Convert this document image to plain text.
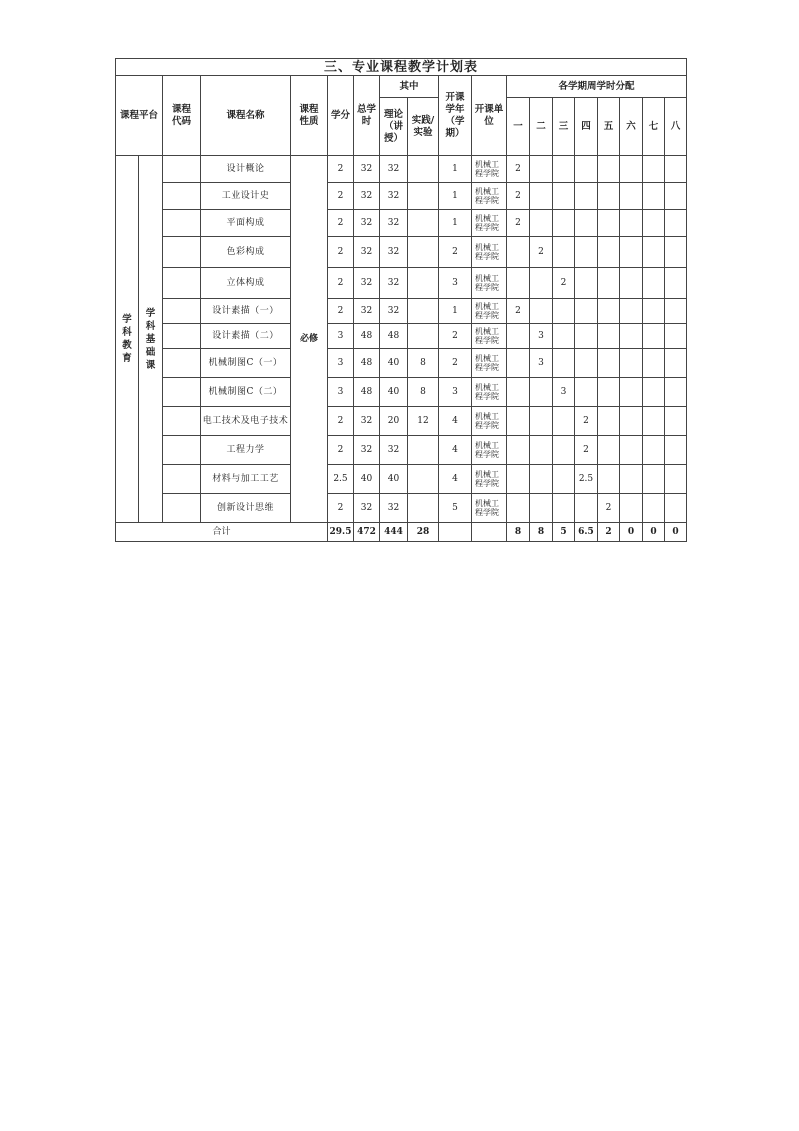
三、专业课程教学计划表																		
课程平台		课程代码	课程名称	课程性质	学分	总学时	其中		开课学年（学期）	开课单位	各学期周学时分配							

							理论（讲授）	实践/实验			一	二	三	四	五	六	七	八

学科教育	学科基础课		设计概论	必修	2	32	32		1	机械工程学院	2							
			工业设计史		2	32	32		1	机械工程学院	2							
			平面构成		2	32	32		1	机械工程学院	2							
			色彩构成		2	32	32		2	机械工程学院		2						
			立体构成		2	32	32		3	机械工程学院			2					
			设计素描（一）		2	32	32		1	机械工程学院	2							
			设计素描（二）		3	48	48		2	机械工程学院		3						
			机械制图C（一）		3	48	40	8	2	机械工程学院		3						
			机械制图C（二）		3	48	40	8	3	机械工程学院			3					
			电工技术及电子技术		2	32	20	12	4	机械工程学院				2				
			工程力学		2	32	32		4	机械工程学院				2				
			材料与加工工艺		2.5	40	40		4	机械工程学院				2.5				
			创新设计思维		2	32	32		5	机械工程学院					2			
合计					29.5	472	444	28			8	8	5	6.5	2	0	0	0
